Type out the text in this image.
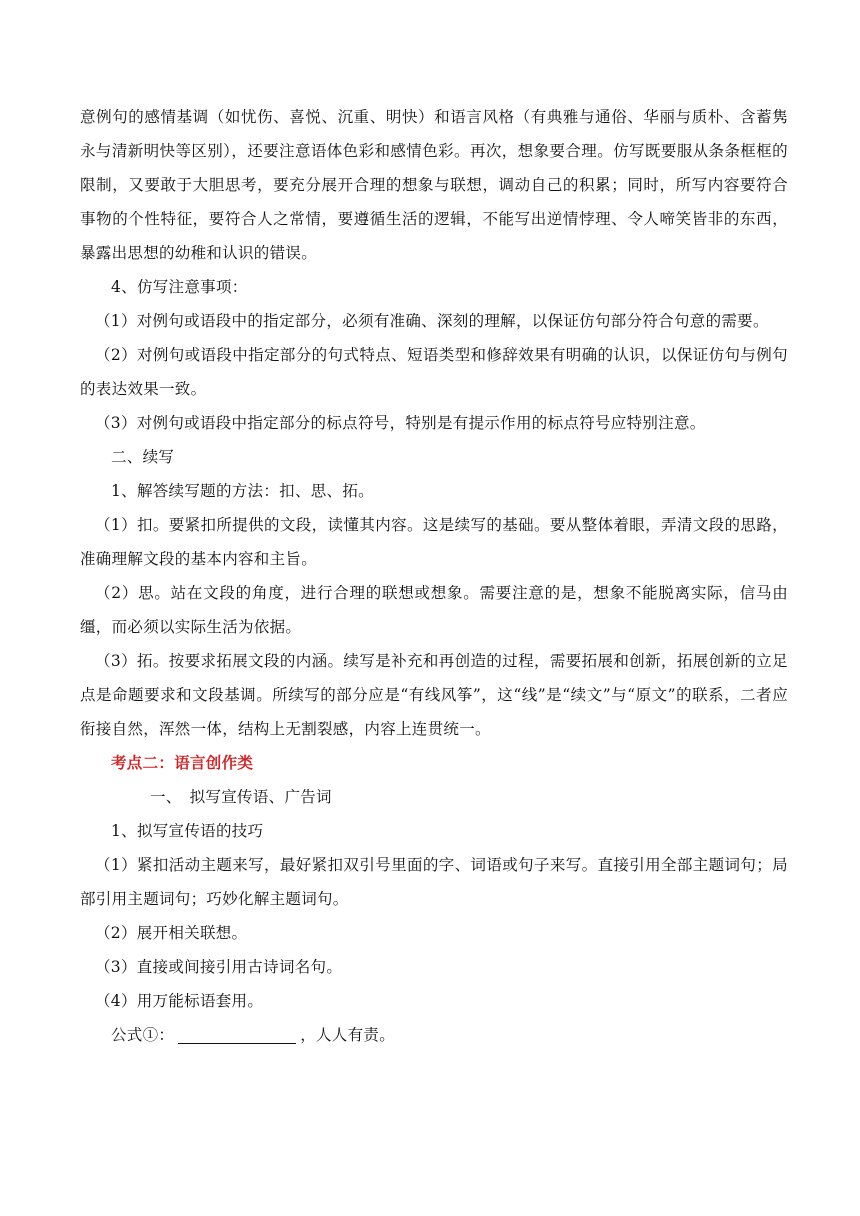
意例句的感情基调（如忧伤、喜悦、沉重、明快）和语言风格（有典雅与通俗、华丽与质朴、含蓄隽永与清新明快等区别），还要注意语体色彩和感情色彩。再次，想象要合理。仿写既要服从条条框框的限制，又要敢于大胆思考，要充分展开合理的想象与联想，调动自己的积累；同时，所写内容要符合事物的个性特征，要符合人之常情，要遵循生活的逻辑，不能写出逆情悖理、令人啼笑皆非的东西，暴露出思想的幼稚和认识的错误。

4、仿写注意事项：

（1）对例句或语段中的指定部分，必须有准确、深刻的理解，以保证仿句部分符合句意的需要。

（2）对例句或语段中指定部分的句式特点、短语类型和修辞效果有明确的认识，以保证仿句与例句的表达效果一致。

（3）对例句或语段中指定部分的标点符号，特别是有提示作用的标点符号应特别注意。

二、续写

1、解答续写题的方法：扣、思、拓。

（1）扣。要紧扣所提供的文段，读懂其内容。这是续写的基础。要从整体着眼，弄清文段的思路，准确理解文段的基本内容和主旨。

（2）思。站在文段的角度，进行合理的联想或想象。需要注意的是，想象不能脱离实际，信马由缰，而必须以实际生活为依据。

（3）拓。按要求拓展文段的内涵。续写是补充和再创造的过程，需要拓展和创新，拓展创新的立足点是命题要求和文段基调。所续写的部分应是“有线风筝”，这“线”是“续文”与“原文”的联系，二者应衔接自然，浑然一体，结构上无割裂感，内容上连贯统一。

考点二：语言创作类

一、　拟写宣传语、广告词

1、拟写宣传语的技巧

（1）紧扣活动主题来写，最好紧扣双引号里面的字、词语或句子来写。直接引用全部主题词句；局部引用主题词句；巧妙化解主题词句。

（2）展开相关联想。

（3）直接或间接引用古诗词名句。

（4）用万能标语套用。

公式①：	，人人有责。
